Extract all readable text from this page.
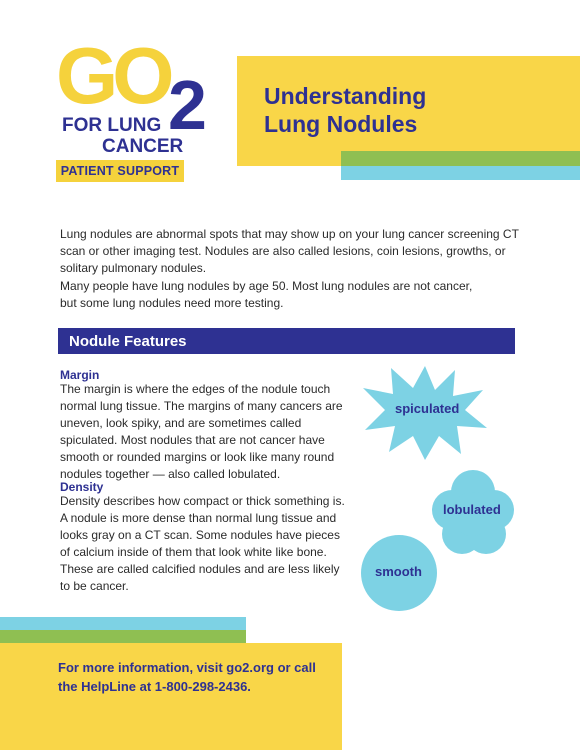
GO 2
FOR LUNG
CANCER
PATIENT SUPPORT
Understanding
Lung Nodules
Lung nodules are abnormal spots that may show up on your lung cancer screening CT scan or other imaging test. Nodules are also called lesions, coin lesions, growths, or solitary pulmonary nodules.
Many people have lung nodules by age 50. Most lung nodules are not cancer, but some lung nodules need more testing.
Nodule Features
Margin
The margin is where the edges of the nodule touch normal lung tissue. The margins of many cancers are uneven, look spiky, and are sometimes called spiculated. Most nodules that are not cancer have smooth or rounded margins or look like many round nodules together — also called lobulated.
Density
Density describes how compact or thick something is. A nodule is more dense than normal lung tissue and looks gray on a CT scan. Some nodules have pieces of calcium inside of them that look white like bone. These are called calcified nodules and are less likely to be cancer.
spiculated
lobulated
smooth
For more information, visit go2.org or call the HelpLine at 1-800-298-2436.
